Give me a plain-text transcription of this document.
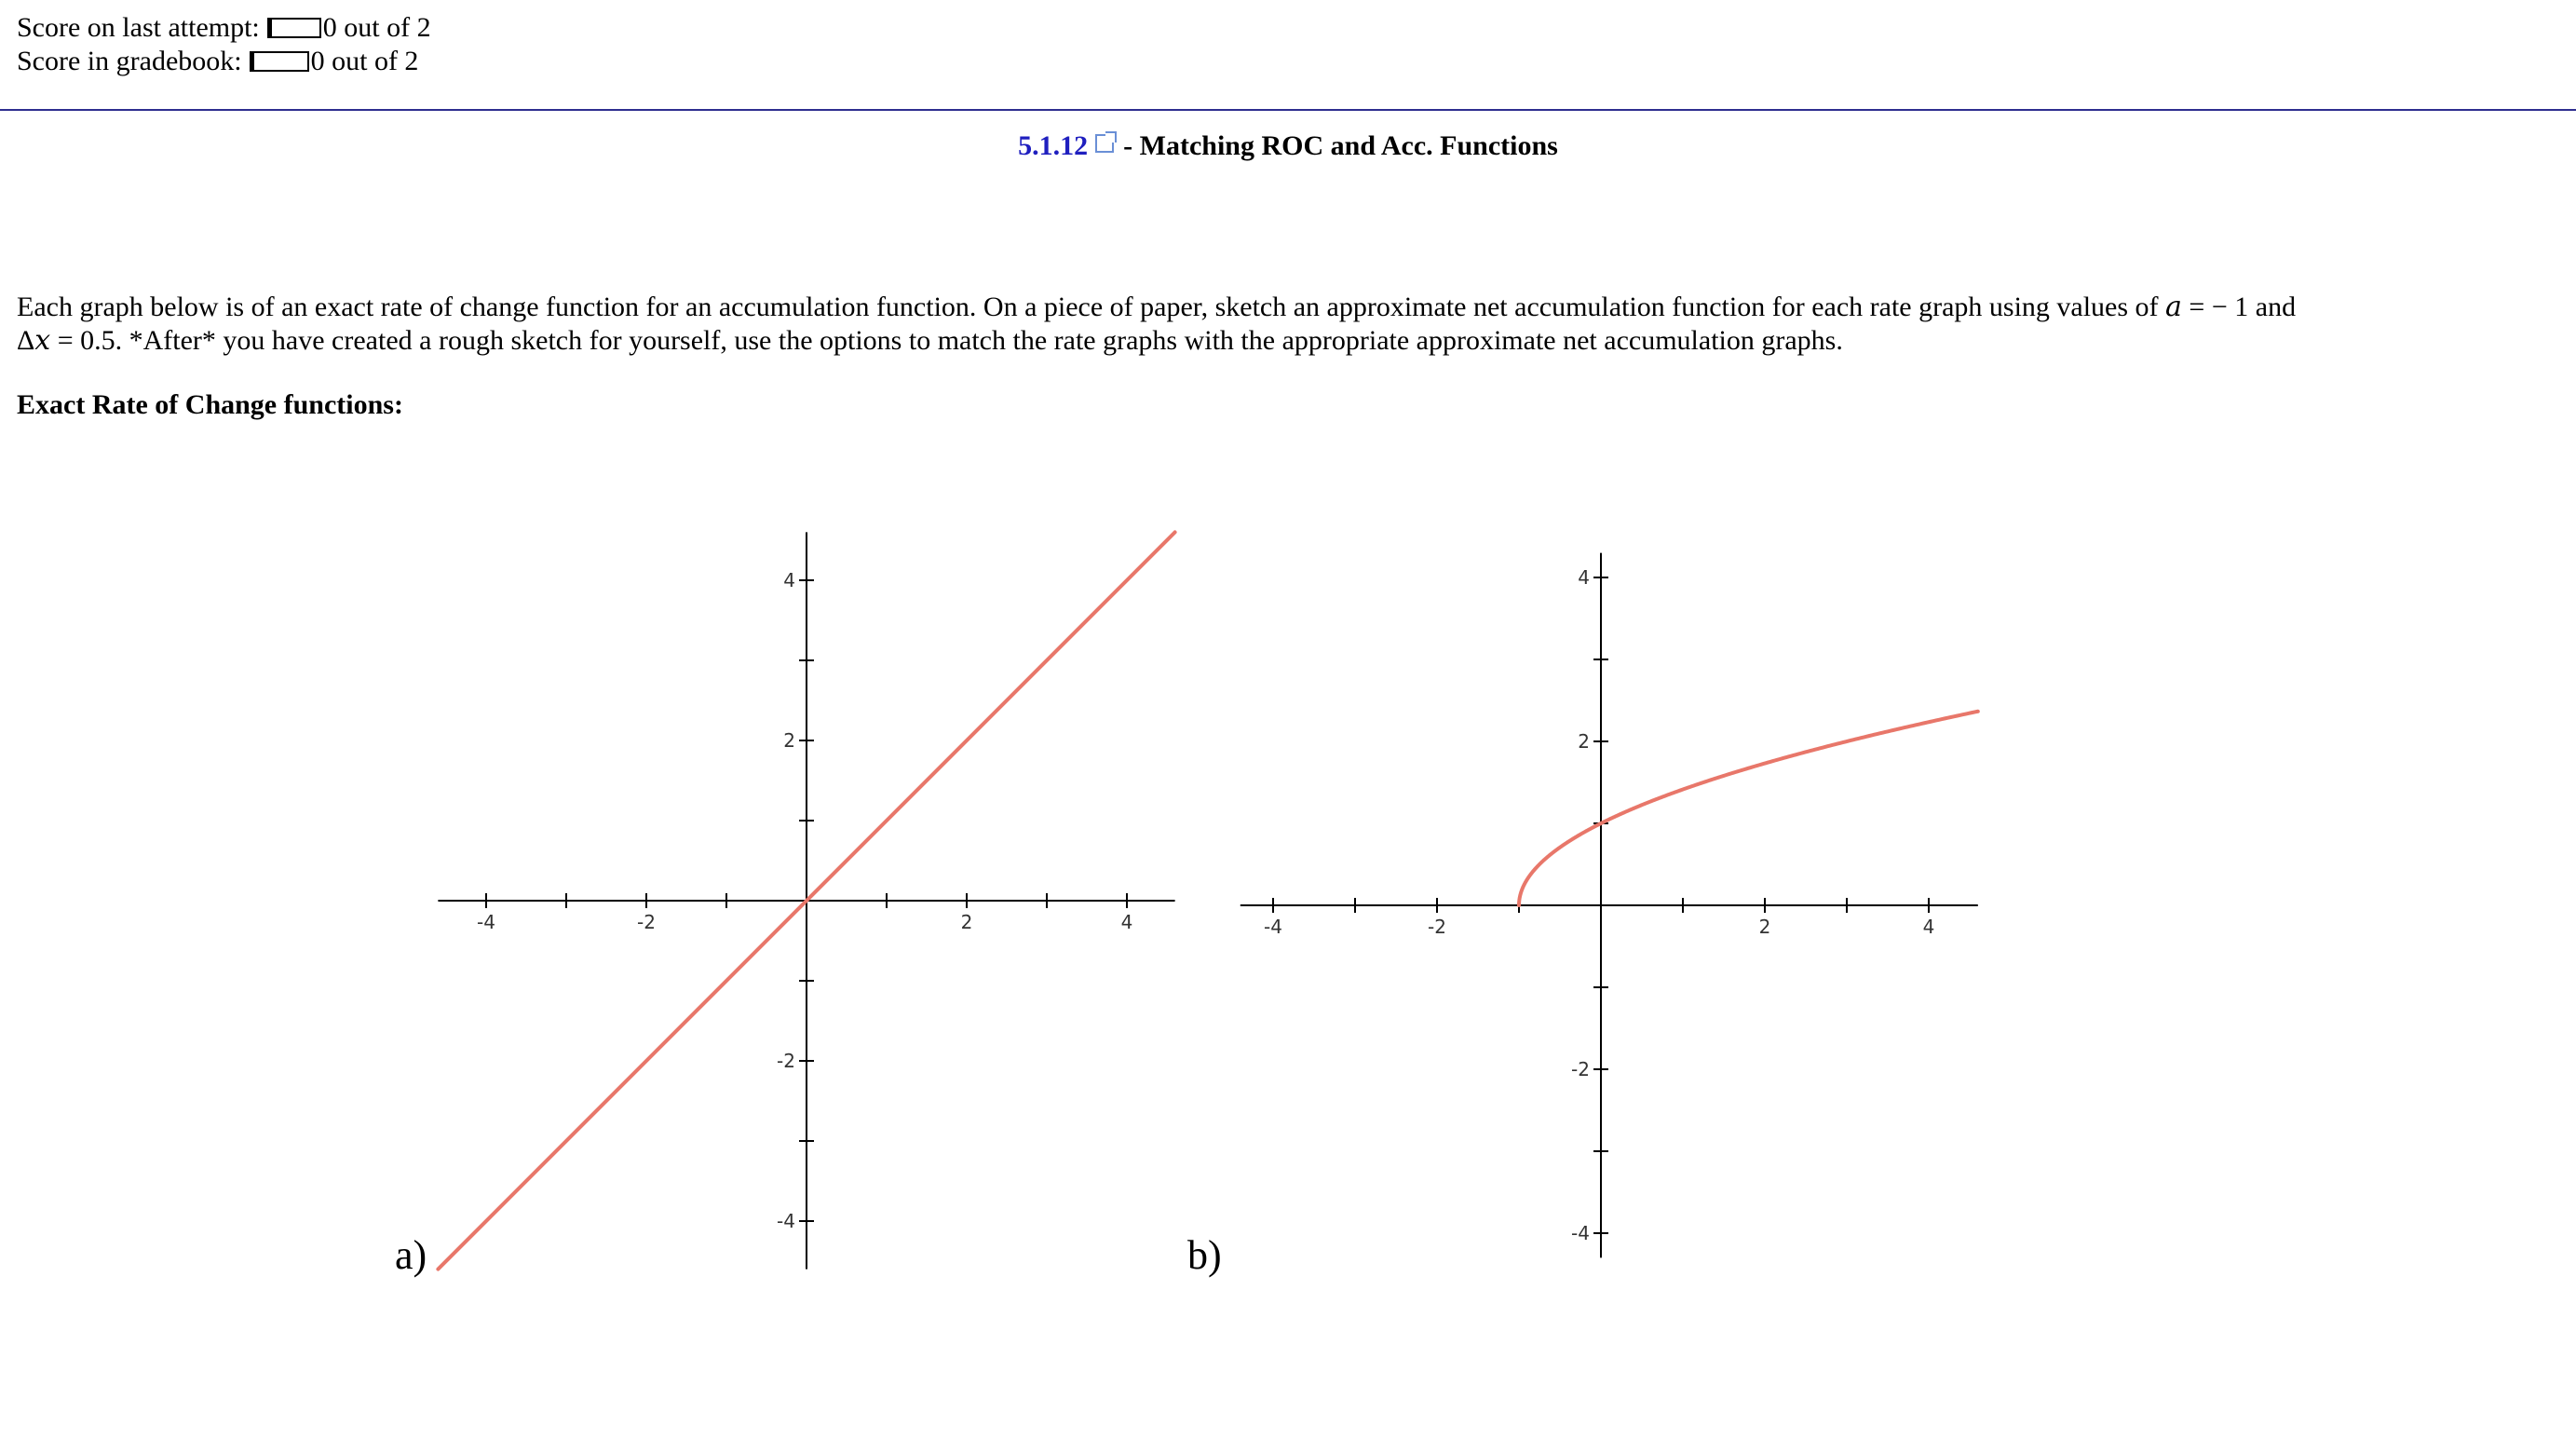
Score on last attempt: 0 out of 2
Score in gradebook: 0 out of 2
5.1.12 - Matching ROC and Acc. Functions
Each graph below is of an exact rate of change function for an accumulation function. On a piece of paper, sketch an approximate net accumulation function for each rate graph using values of 𝑎 = − 1 and
Δ𝑥 = 0.5. *After* you have created a rough sketch for yourself, use the options to match the rate graphs with the appropriate approximate net accumulation graphs.
Exact Rate of Change functions:
a)
-4	-2	2	4
4
2
-2
-4
b)
-4	-2	2	4
4
2
-2
-4
